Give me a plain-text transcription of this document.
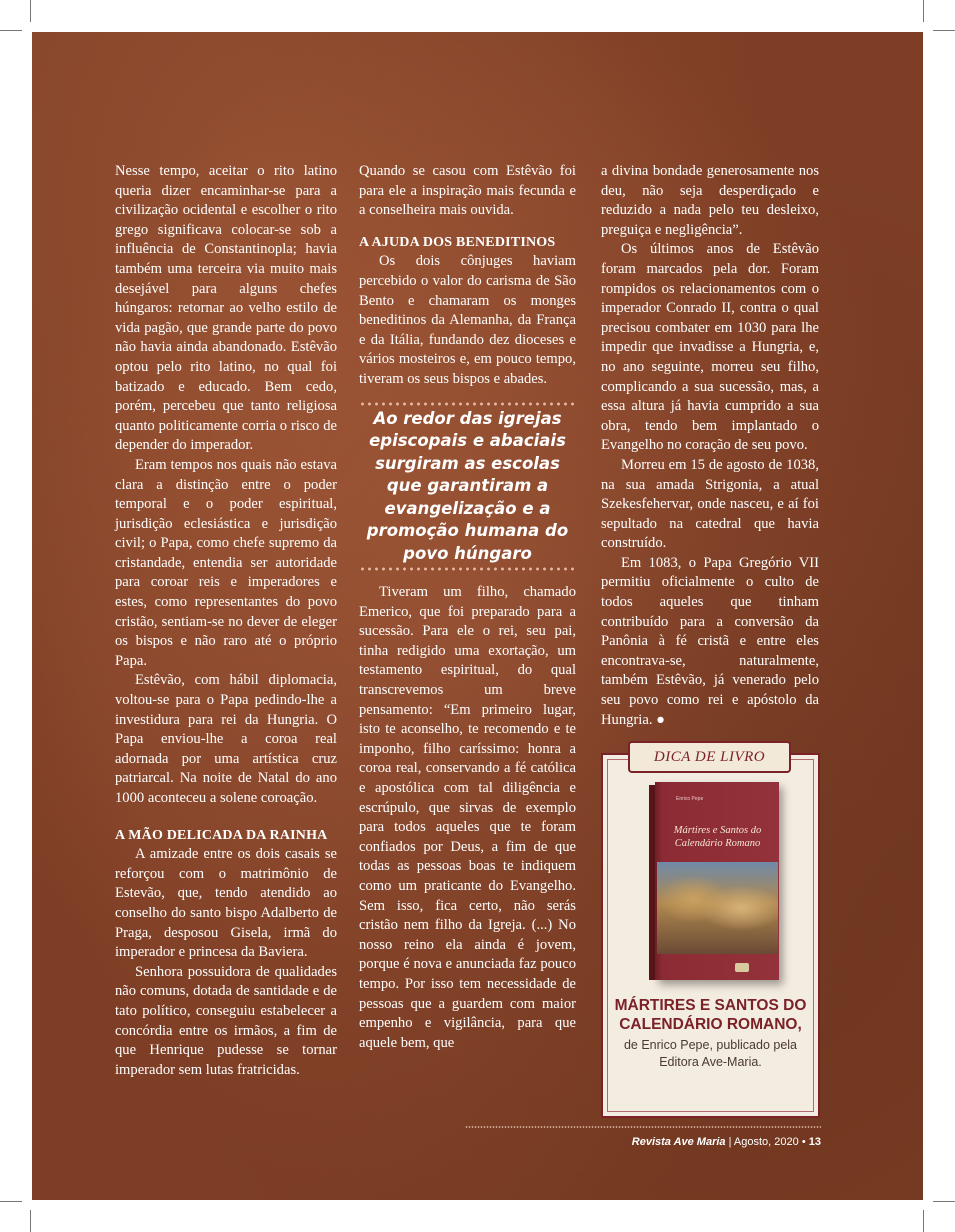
Nesse tempo, aceitar o rito latino queria dizer encaminhar-se para a civilização ocidental e escolher o rito grego significava colocar-se sob a influência de Constantinopla; havia também uma terceira via muito mais desejável para alguns chefes húngaros: retornar ao velho estilo de vida pagão, que grande parte do povo não havia ainda abandonado. Estêvão optou pelo rito latino, no qual foi batizado e educado. Bem cedo, porém, percebeu que tanto religiosa quanto politicamente corria o risco de depender do imperador.

Eram tempos nos quais não estava clara a distinção entre o poder temporal e o poder espiritual, jurisdição eclesiástica e jurisdição civil; o Papa, como chefe supremo da cristandade, entendia ser autoridade para coroar reis e imperadores e estes, como representantes do povo cristão, sentiam-se no dever de eleger os bispos e não raro até o próprio Papa.

Estêvão, com hábil diplomacia, voltou-se para o Papa pedindo-lhe a investidura para rei da Hungria. O Papa enviou-lhe a coroa real adornada por uma artística cruz patriarcal. Na noite de Natal do ano 1000 aconteceu a solene coroação.

A MÃO DELICADA DA RAINHA

A amizade entre os dois casais se reforçou com o matrimônio de Estevão, que, tendo atendido ao conselho do santo bispo Adalberto de Praga, desposou Gisela, irmã do imperador e princesa da Baviera.

Senhora possuidora de qualidades não comuns, dotada de santidade e de tato político, conseguiu estabelecer a concórdia entre os irmãos, a fim de que Henrique pudesse se tornar imperador sem lutas fratricidas.

Quando se casou com Estêvão foi para ele a inspiração mais fecunda e a conselheira mais ouvida.

A AJUDA DOS BENEDITINOS

Os dois cônjuges haviam percebido o valor do carisma de São Bento e chamaram os monges beneditinos da Alemanha, da França e da Itália, fundando dez dioceses e vários mosteiros e, em pouco tempo, tiveram os seus bispos e abades.

Ao redor das igrejas episcopais e abaciais surgiram as escolas que garantiram a evangelização e a promoção humana do povo húngaro

Tiveram um filho, chamado Emerico, que foi preparado para a sucessão. Para ele o rei, seu pai, tinha redigido uma exortação, um testamento espiritual, do qual transcrevemos um breve pensamento: “Em primeiro lugar, isto te aconselho, te recomendo e te imponho, filho caríssimo: honra a coroa real, conservando a fé católica e apostólica com tal diligência e escrúpulo, que sirvas de exemplo para todos aqueles que te foram confiados por Deus, a fim de que todas as pessoas boas te indiquem como um praticante do Evangelho. Sem isso, fica certo, não serás cristão nem filho da Igreja. (...) No nosso reino ela ainda é jovem, porque é nova e anunciada faz pouco tempo. Por isso tem necessidade de pessoas que a guardem com maior empenho e vigilância, para que aquele bem, que

a divina bondade generosamente nos deu, não seja desperdiçado e reduzido a nada pelo teu desleixo, preguiça e negligência”.

Os últimos anos de Estêvão foram marcados pela dor. Foram rompidos os relacionamentos com o imperador Conrado II, contra o qual precisou combater em 1030 para lhe impedir que invadisse a Hungria, e, no ano seguinte, morreu seu filho, complicando a sua sucessão, mas, a essa altura já havia cumprido a sua obra, tendo bem implantado o Evangelho no coração de seu povo.

Morreu em 15 de agosto de 1038, na sua amada Strigonia, a atual Szekesfehervar, onde nasceu, e aí foi sepultado na catedral que havia construído.

Em 1083, o Papa Gregório VII permitiu oficialmente o culto de todos aqueles que tinham contribuído para a conversão da Panônia à fé cristã e entre eles encontrava-se, naturalmente, também Estêvão, já venerado pelo seu povo como rei e apóstolo da Hungria. ●

DICA DE LIVRO
Enrico Pepe
Mártires e Santos do Calendário Romano
MÁRTIRES E SANTOS DO CALENDÁRIO ROMANO,
de Enrico Pepe, publicado pela Editora Ave-Maria.
Revista Ave Maria | Agosto, 2020 • 13
